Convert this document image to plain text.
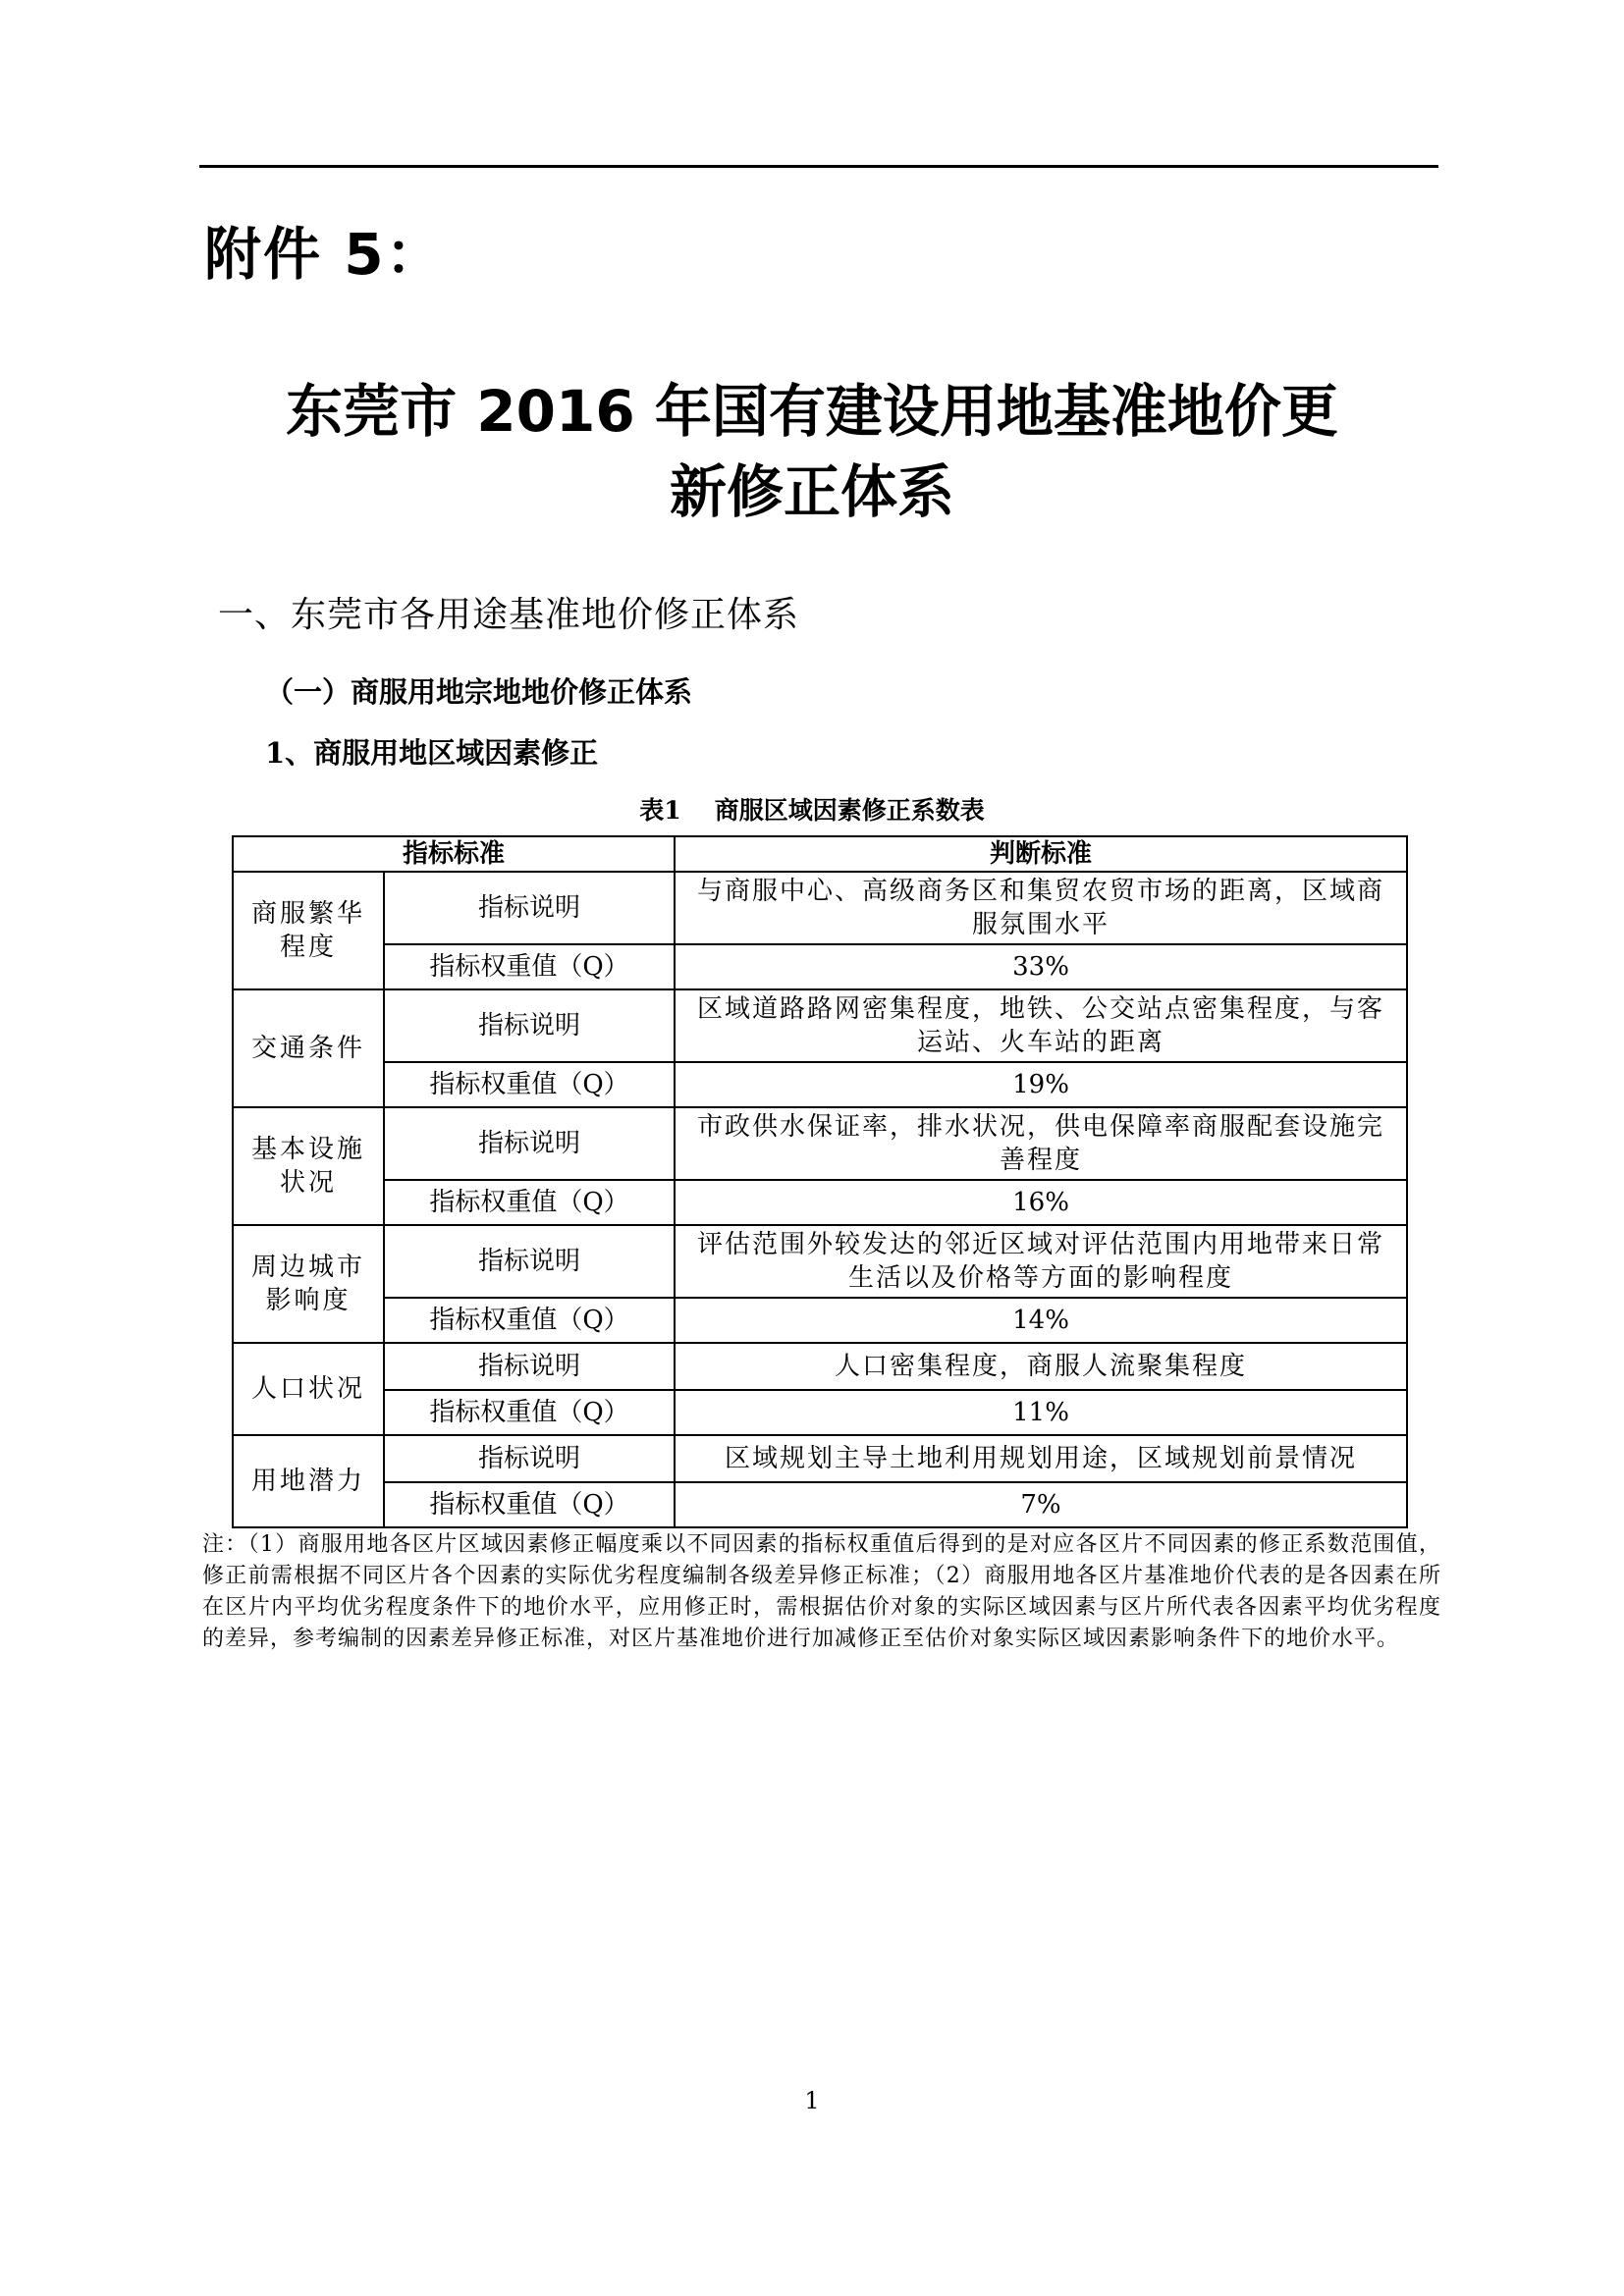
附件 5：
东莞市 2016 年国有建设用地基准地价更
新修正体系
一、东莞市各用途基准地价修正体系
（一）商服用地宗地地价修正体系
1、商服用地区域因素修正
表1 商服区域因素修正系数表
指标标准		判断标准
商服繁华程度	指标说明	与商服中心、高级商务区和集贸农贸市场的距离，区域商服氛围水平
	指标权重值（Q）	33%
交通条件	指标说明	区域道路路网密集程度，地铁、公交站点密集程度，与客运站、火车站的距离
	指标权重值（Q）	19%
基本设施状况	指标说明	市政供水保证率，排水状况，供电保障率商服配套设施完善程度
	指标权重值（Q）	16%
周边城市影响度	指标说明	评估范围外较发达的邻近区域对评估范围内用地带来日常生活以及价格等方面的影响程度
	指标权重值（Q）	14%
人口状况	指标说明	人口密集程度，商服人流聚集程度
	指标权重值（Q）	11%
用地潜力	指标说明	区域规划主导土地利用规划用途，区域规划前景情况
	指标权重值（Q）	7%
注：（1）商服用地各区片区域因素修正幅度乘以不同因素的指标权重值后得到的是对应各区片不同因素的修正系数范围值，修正前需根据不同区片各个因素的实际优劣程度编制各级差异修正标准；（2）商服用地各区片基准地价代表的是各因素在所在区片内平均优劣程度条件下的地价水平，应用修正时，需根据估价对象的实际区域因素与区片所代表各因素平均优劣程度的差异，参考编制的因素差异修正标准，对区片基准地价进行加减修正至估价对象实际区域因素影响条件下的地价水平。
1
